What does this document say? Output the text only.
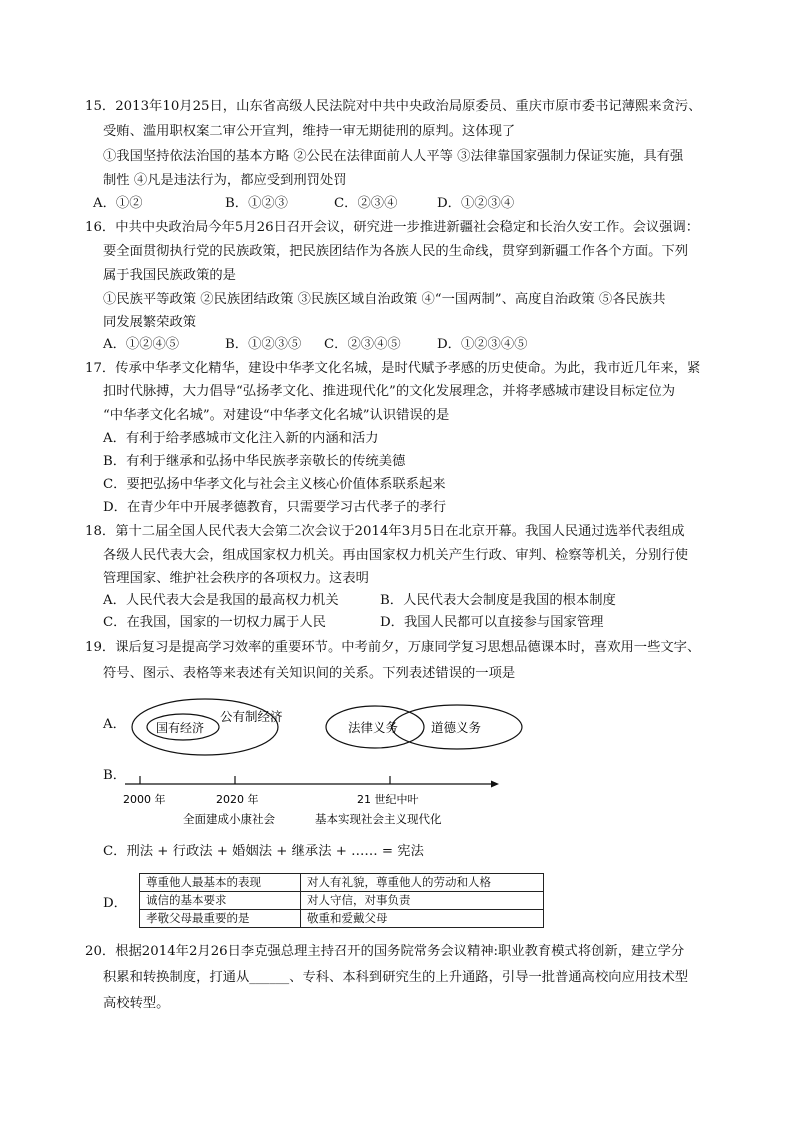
15．2013年10月25日，山东省高级人民法院对中共中央政治局原委员、重庆市原市委书记薄熙来贪污、
受贿、滥用职权案二审公开宣判，维持一审无期徒刑的原判。这体现了
①我国坚持依法治国的基本方略 ②公民在法律面前人人平等 ③法律靠国家强制力保证实施，具有强
制性 ④凡是违法行为，都应受到刑罚处罚
A．①②	B．①②③	C．②③④	D．①②③④
16．中共中央政治局今年5月26日召开会议，研究进一步推进新疆社会稳定和长治久安工作。会议强调：
要全面贯彻执行党的民族政策，把民族团结作为各族人民的生命线，贯穿到新疆工作各个方面。下列
属于我国民族政策的是
①民族平等政策 ②民族团结政策 ③民族区域自治政策 ④“一国两制”、高度自治政策 ⑤各民族共
同发展繁荣政策
A．①②④⑤	B．①②③⑤ C．②③④⑤	D．①②③④⑤
17．传承中华孝文化精华，建设中华孝文化名城，是时代赋予孝感的历史使命。为此，我市近几年来，紧
扣时代脉搏，大力倡导“弘扬孝文化、推进现代化”的文化发展理念，并将孝感城市建设目标定位为
“中华孝文化名城”。对建设“中华孝文化名城”认识错误的是
A．有利于给孝感城市文化注入新的内涵和活力
B．有利于继承和弘扬中华民族孝亲敬长的传统美德
C．要把弘扬中华孝文化与社会主义核心价值体系联系起来
D．在青少年中开展孝德教育，只需要学习古代孝子的孝行
18．第十二届全国人民代表大会第二次会议于2014年3月5日在北京开幕。我国人民通过选举代表组成
各级人民代表大会，组成国家权力机关。再由国家权力机关产生行政、审判、检察等机关，分别行使
管理国家、维护社会秩序的各项权力。这表明
A．人民代表大会是我国的最高权力机关	B．人民代表大会制度是我国的根本制度
C．在我国，国家的一切权力属于人民	D．我国人民都可以直接参与国家管理
19．课后复习是提高学习效率的重要环节。中考前夕，万康同学复习思想品德课本时，喜欢用一些文字、
符号、图示、表格等来表述有关知识间的关系。下列表述错误的一项是
A．
公有制经济
国有经济	法律义务	道德义务
B．
2000 年	2020 年	21 世纪中叶
全面建成小康社会	基本实现社会主义现代化
C．刑法 + 行政法 + 婚姻法 + 继承法 + …… = 宪法
D．
尊重他人最基本的表现	对人有礼貌，尊重他人的劳动和人格
诚信的基本要求	对人守信，对事负责
孝敬父母最重要的是	敬重和爱戴父母
20．根据2014年2月26日李克强总理主持召开的国务院常务会议精神:职业教育模式将创新，建立学分
积累和转换制度，打通从______、专科、本科到研究生的上升通路，引导一批普通高校向应用技术型
高校转型。
